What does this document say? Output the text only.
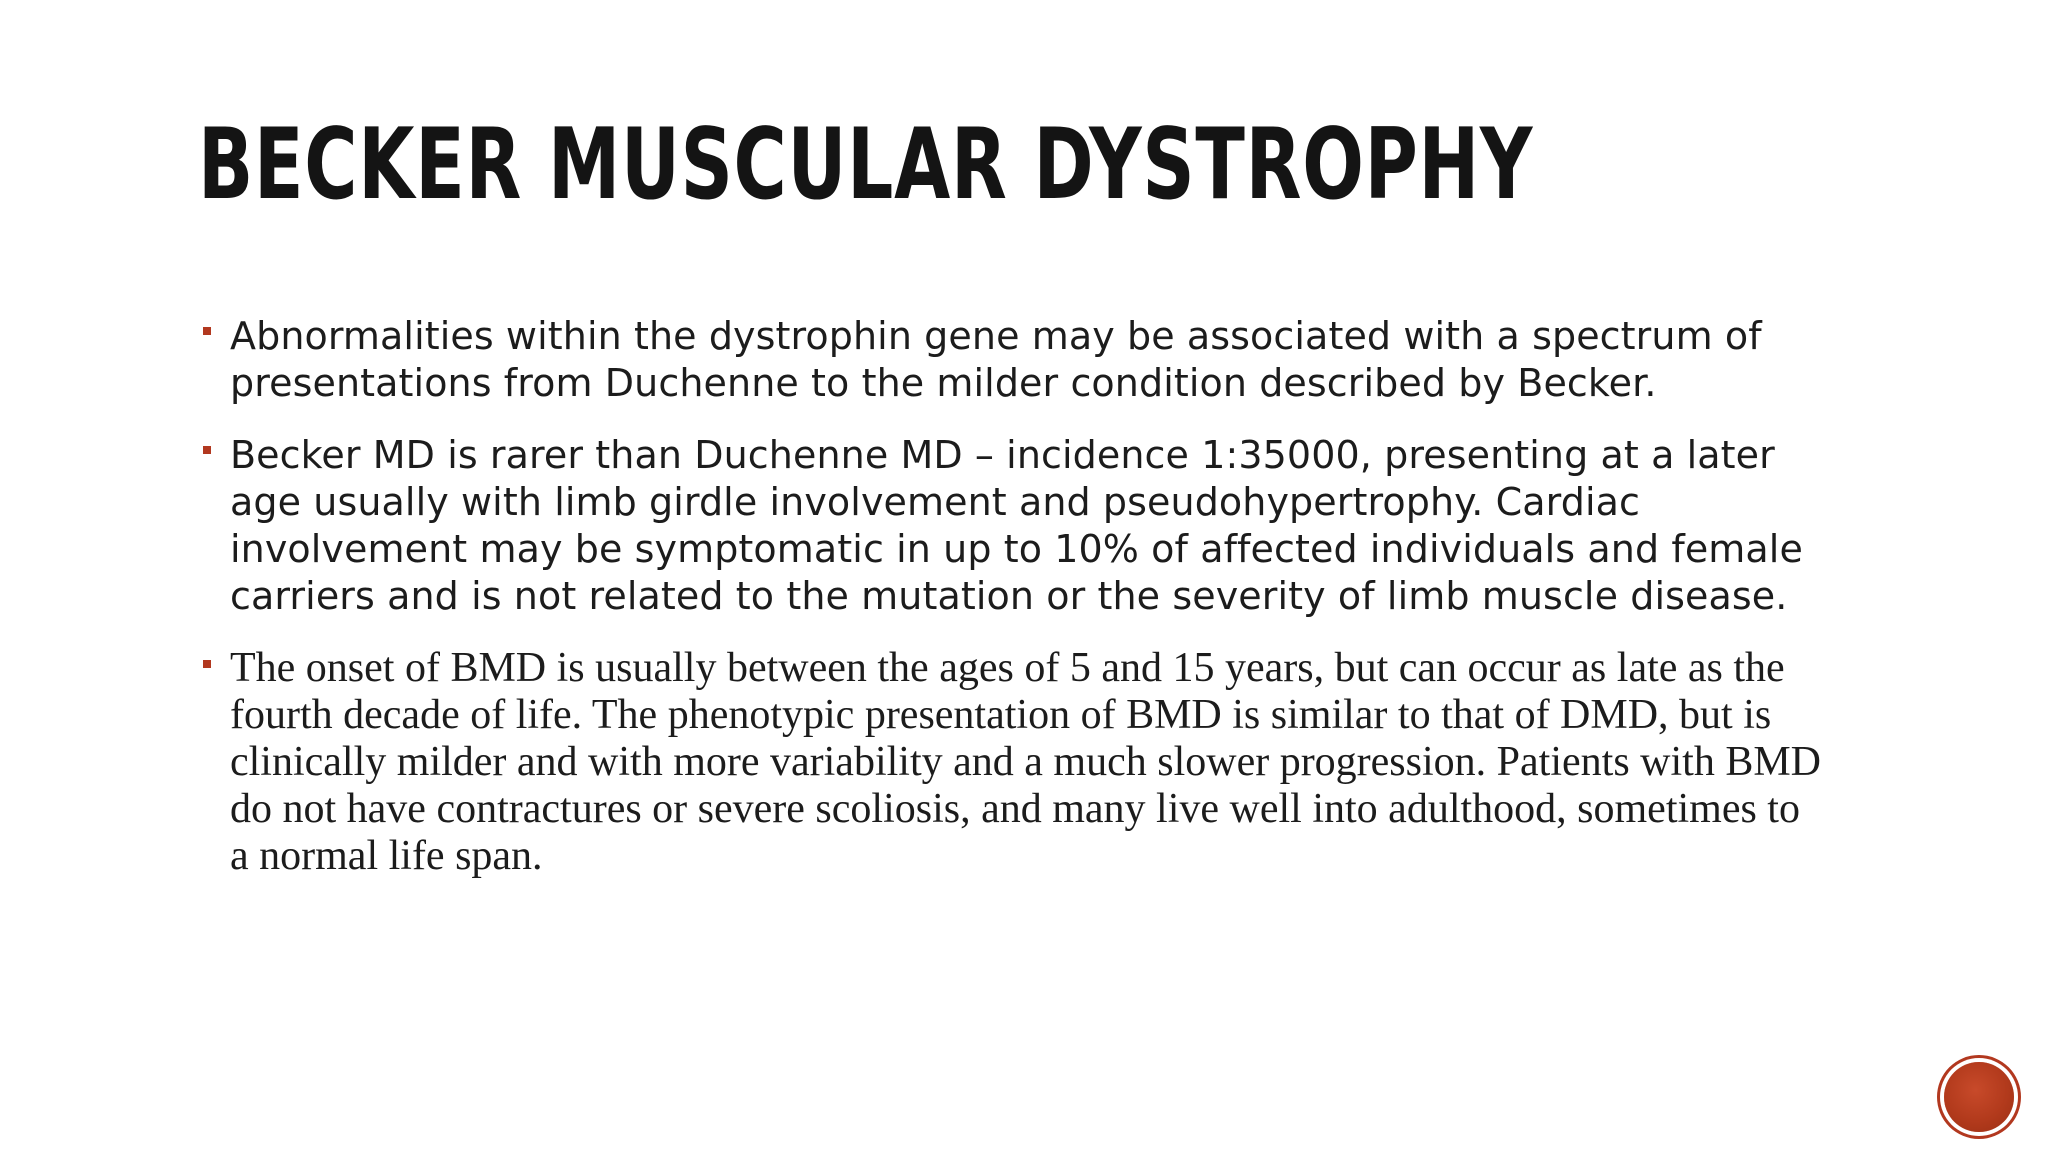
BECKER MUSCULAR DYSTROPHY
Abnormalities within the dystrophin gene may be associated with a spectrum of
presentations from Duchenne to the milder condition described by Becker.
Becker MD is rarer than Duchenne MD – incidence 1:35000, presenting at a later
age usually with limb girdle involvement and pseudohypertrophy. Cardiac
involvement may be symptomatic in up to 10% of affected individuals and female
carriers and is not related to the mutation or the severity of limb muscle disease.
The onset of BMD is usually between the ages of 5 and 15 years, but can occur as late as the
fourth decade of life. The phenotypic presentation of BMD is similar to that of DMD, but is
clinically milder and with more variability and a much slower progression. Patients with BMD
do not have contractures or severe scoliosis, and many live well into adulthood, sometimes to
a normal life span.
